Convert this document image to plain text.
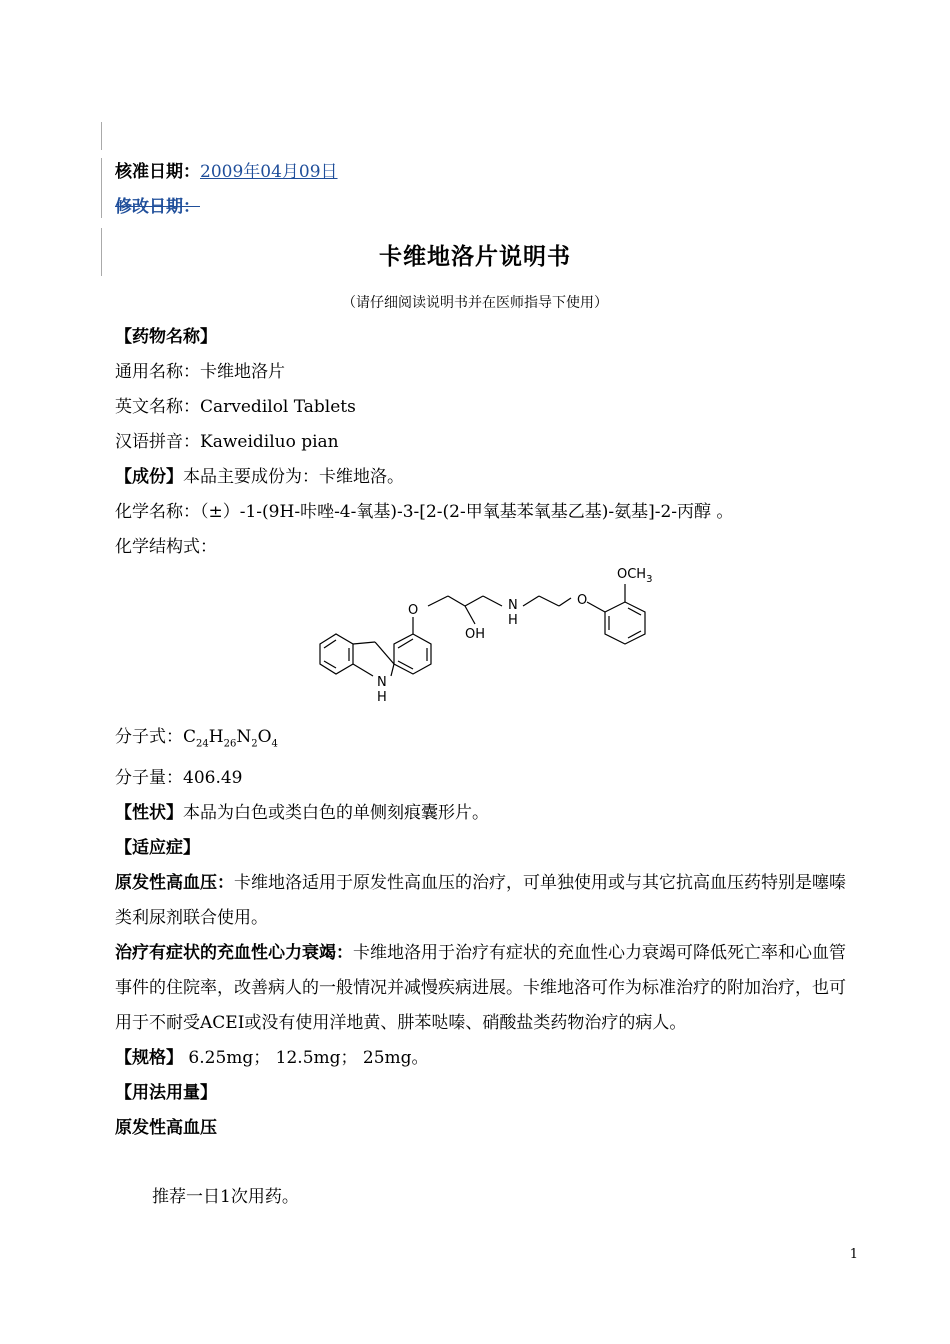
核准日期：2009年04月09日
修改日期：
卡维地洛片说明书
（请仔细阅读说明书并在医师指导下使用）
【药物名称】
通用名称：卡维地洛片
英文名称：Carvedilol Tablets
汉语拼音：Kaweidiluo pian
【成份】本品主要成份为：卡维地洛。
化学名称：（±）-1-(9H-咔唑-4-氧基)-3-[2-(2-甲氧基苯氧基乙基)-氨基]-2-丙醇 。
化学结构式：
O
O
OH
N
H
N
H
$OCH_3$
分子式：$C_{24}H_{26}N_2O_4$
分子量：406.49
【性状】本品为白色或类白色的单侧刻痕囊形片。
【适应症】
原发性高血压：卡维地洛适用于原发性高血压的治疗，可单独使用或与其它抗高血压药特别是噻嗪类利尿剂联合使用。
治疗有症状的充血性心力衰竭：卡维地洛用于治疗有症状的充血性心力衰竭可降低死亡率和心血管事件的住院率，改善病人的一般情况并减慢疾病进展。卡维地洛可作为标准治疗的附加治疗，也可用于不耐受ACEI或没有使用洋地黄、肼苯哒嗪、硝酸盐类药物治疗的病人。
【规格】 6.25mg； 12.5mg； 25mg。
【用法用量】
原发性高血压
推荐一日1次用药。
1
